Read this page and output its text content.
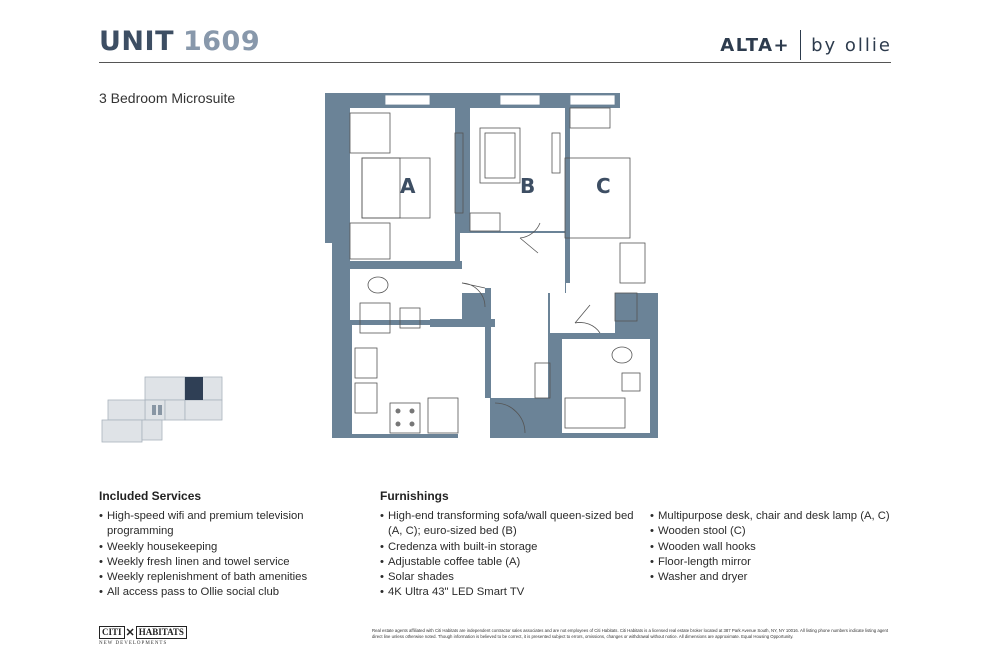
UNIT 1609	ALTA+ by ollie
3 Bedroom Microsuite
A	B	C
Included Services
• High-speed wifi and premium television programming
• Weekly housekeeping
• Weekly fresh linen and towel service
• Weekly replenishment of bath amenities
• All access pass to Ollie social club
Furnishings
• High-end transforming sofa/wall queen-sized bed (A, C); euro-sized bed (B)
• Credenza with built-in storage
• Adjustable coffee table (A)
• Solar shades
• 4K Ultra 43" LED Smart TV
• Multipurpose desk, chair and desk lamp (A, C)
• Wooden stool (C)
• Wooden wall hooks
• Floor-length mirror
• Washer and dryer
CITI ✕ HABITATS
NEW DEVELOPMENTS
Real estate agents affiliated with Citi Habitats are independent contractor sales associates and are not employees of Citi Habitats. Citi Habitats is a licensed real estate broker located at 387 Park Avenue South, NY, NY 10016. All listing phone numbers indicate listing agent direct line unless otherwise noted. Though information is believed to be correct, it is presented subject to errors, omissions, changes or withdrawal without notice. All dimensions are approximate. Equal Housing Opportunity.
